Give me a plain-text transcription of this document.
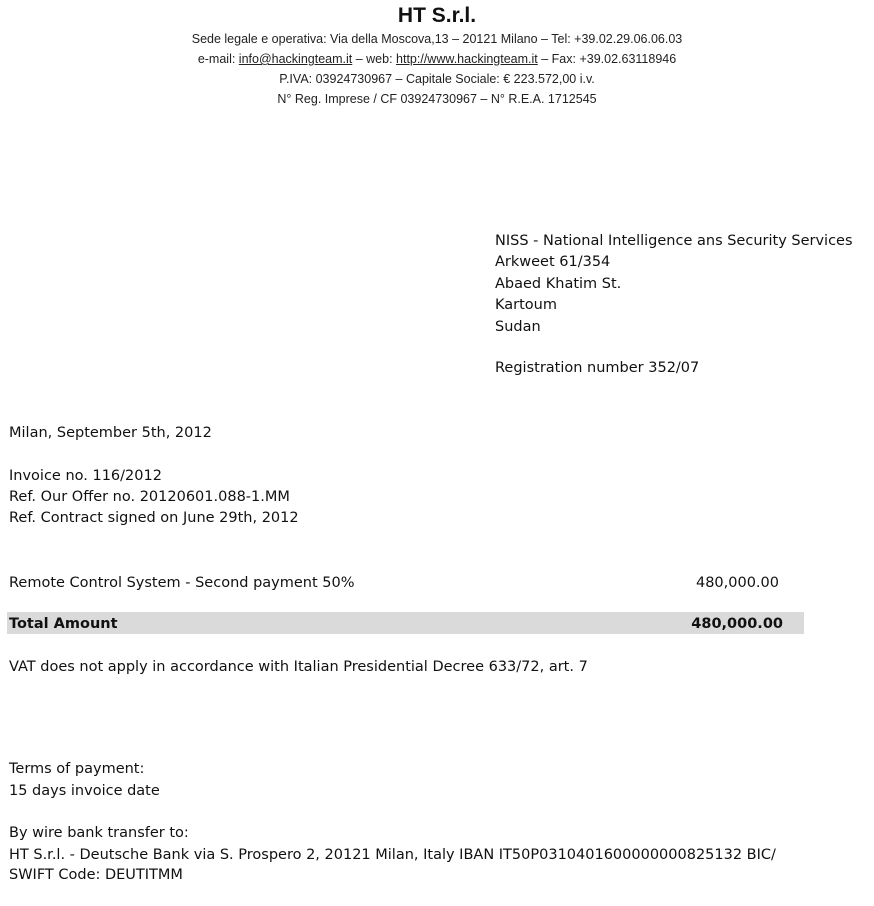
HT S.r.l.
Sede legale e operativa: Via della Moscova,13 – 20121 Milano – Tel: +39.02.29.06.06.03
e-mail: info@hackingteam.it – web: http://www.hackingteam.it – Fax: +39.02.63118946
P.IVA: 03924730967 – Capitale Sociale: € 223.572,00 i.v.
N° Reg. Imprese / CF 03924730967 – N° R.E.A. 1712545
NISS - National Intelligence ans Security Services
Arkweet 61/354
Abaed Khatim St.
Kartoum
Sudan
Registration number 352/07
Milan, September 5th, 2012
Invoice no. 116/2012
Ref. Our Offer no. 20120601.088-1.MM
Ref. Contract signed on June 29th, 2012
Remote Control System - Second payment 50%	480,000.00
Total Amount	480,000.00
VAT does not apply in accordance with Italian Presidential Decree 633/72, art. 7
Terms of payment:
15 days invoice date
By wire bank transfer to:
HT S.r.l. - Deutsche Bank via S. Prospero 2, 20121 Milan, Italy IBAN IT50P0310401600000000825132 BIC/
SWIFT Code: DEUTITMM
